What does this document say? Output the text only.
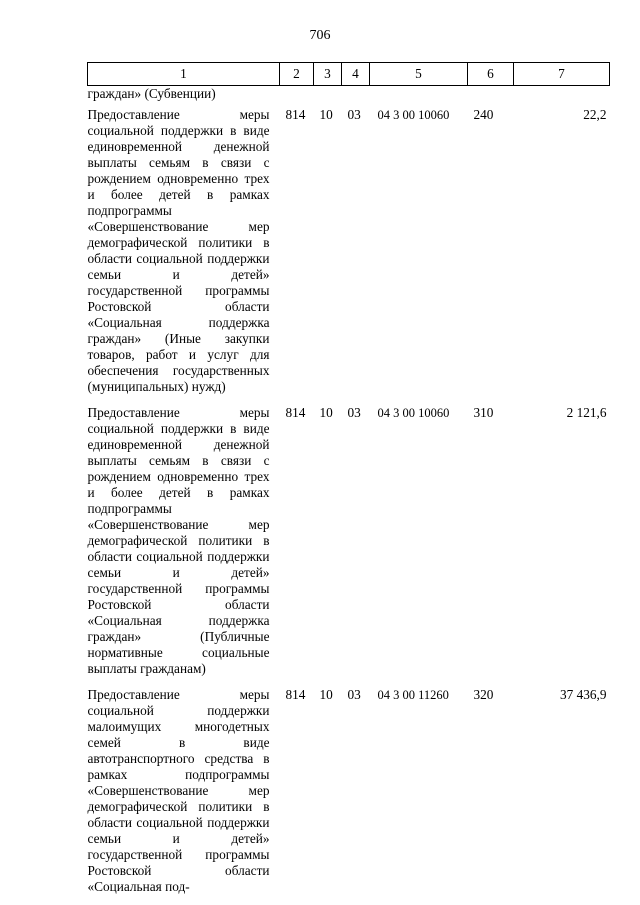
706
1	2	3	4	5	6	7
граждан» (Субвенции)						
Предоставление меры социальной поддержки в виде единовременной денежной выплаты семьям в связи с рождением одновременно трех и более детей в рамках подпрограммы «Совершенствование мер демографической политики в области социальной поддержки семьи и детей» государственной программы Ростовской области «Социальная поддержка граждан» (Иные закупки товаров, работ и услуг для обеспечения государственных (муниципальных) нужд)	814	10	03	04 3 00 10060	240	22,2
Предоставление меры социальной поддержки в виде единовременной денежной выплаты семьям в связи с рождением одновременно трех и более детей в рамках подпрограммы «Совершенствование мер демографической политики в области социальной поддержки семьи и детей» государственной программы Ростовской области «Социальная поддержка граждан» (Публичные нормативные социальные выплаты гражданам)	814	10	03	04 3 00 10060	310	2 121,6
Предоставление меры социальной поддержки малоимущих многодетных семей в виде автотранспортного средства в рамках подпрограммы «Совершенствование мер демографической политики в области социальной поддержки семьи и детей» государственной программы Ростовской области «Социальная под-	814	10	03	04 3 00 11260	320	37 436,9
